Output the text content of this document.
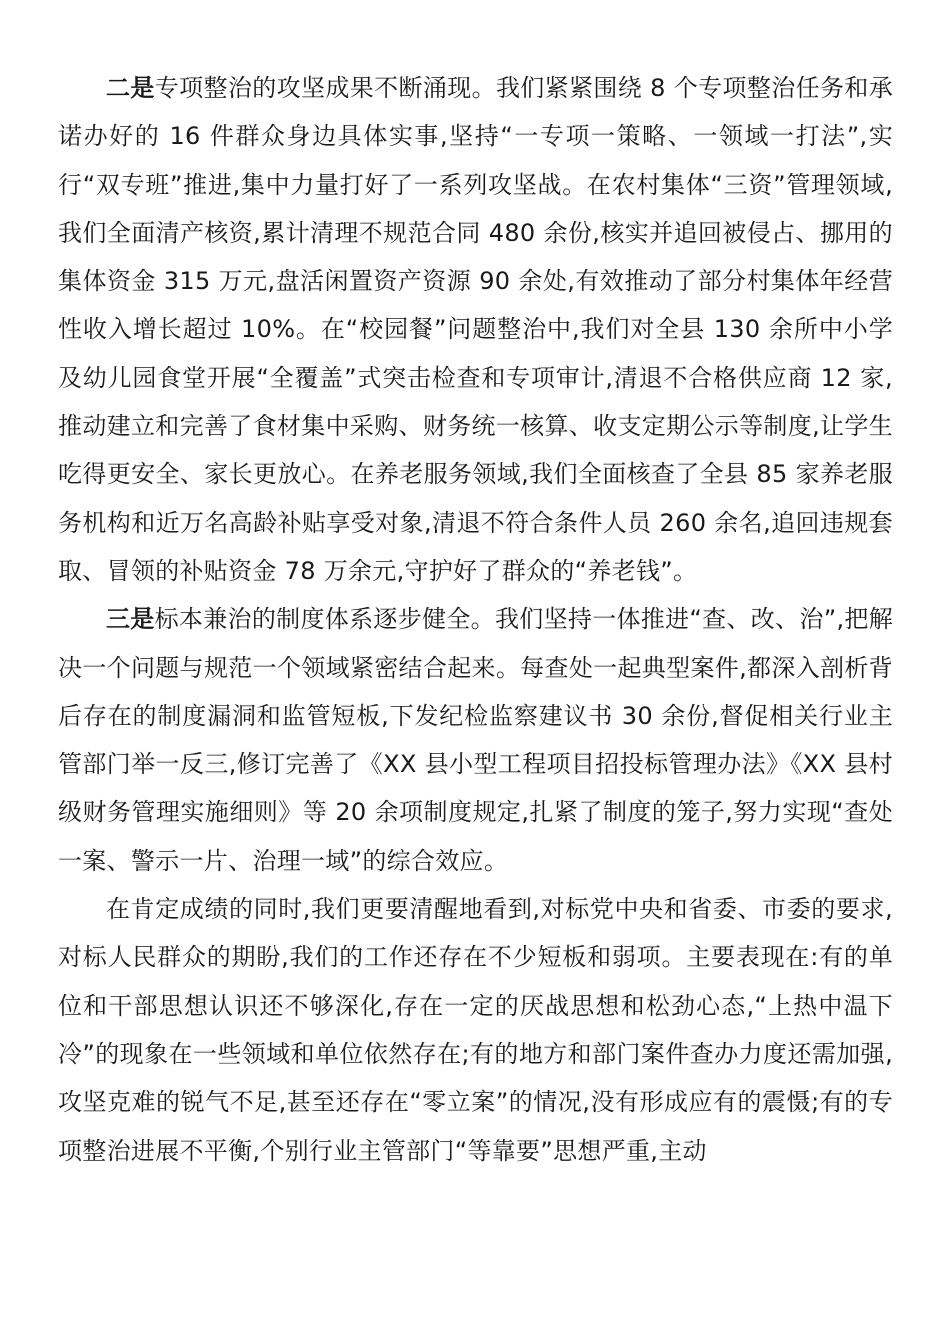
二是专项整治的攻坚成果不断涌现。我们紧紧围绕 8 个专项整治任务和承诺办好的 16 件群众身边具体实事,坚持“一专项一策略、一领域一打法”,实行“双专班”推进,集中力量打好了一系列攻坚战。在农村集体“三资”管理领域,我们全面清产核资,累计清理不规范合同 480 余份,核实并追回被侵占、挪用的集体资金 315 万元,盘活闲置资产资源 90 余处,有效推动了部分村集体年经营性收入增长超过 10%。在“校园餐”问题整治中,我们对全县 130 余所中小学及幼儿园食堂开展“全覆盖”式突击检查和专项审计,清退不合格供应商 12 家,推动建立和完善了食材集中采购、财务统一核算、收支定期公示等制度,让学生吃得更安全、家长更放心。在养老服务领域,我们全面核查了全县 85 家养老服务机构和近万名高龄补贴享受对象,清退不符合条件人员 260 余名,追回违规套取、冒领的补贴资金 78 万余元,守护好了群众的“养老钱”。

三是标本兼治的制度体系逐步健全。我们坚持一体推进“查、改、治”,把解决一个问题与规范一个领域紧密结合起来。每查处一起典型案件,都深入剖析背后存在的制度漏洞和监管短板,下发纪检监察建议书 30 余份,督促相关行业主管部门举一反三,修订完善了《XX 县小型工程项目招投标管理办法》《XX 县村级财务管理实施细则》等 20 余项制度规定,扎紧了制度的笼子,努力实现“查处一案、警示一片、治理一域”的综合效应。

在肯定成绩的同时,我们更要清醒地看到,对标党中央和省委、市委的要求,对标人民群众的期盼,我们的工作还存在不少短板和弱项。主要表现在:有的单位和干部思想认识还不够深化,存在一定的厌战思想和松劲心态,“上热中温下冷”的现象在一些领域和单位依然存在;有的地方和部门案件查办力度还需加强,攻坚克难的锐气不足,甚至还存在“零立案”的情况,没有形成应有的震慑;有的专项整治进展不平衡,个别行业主管部门“等靠要”思想严重,主动
